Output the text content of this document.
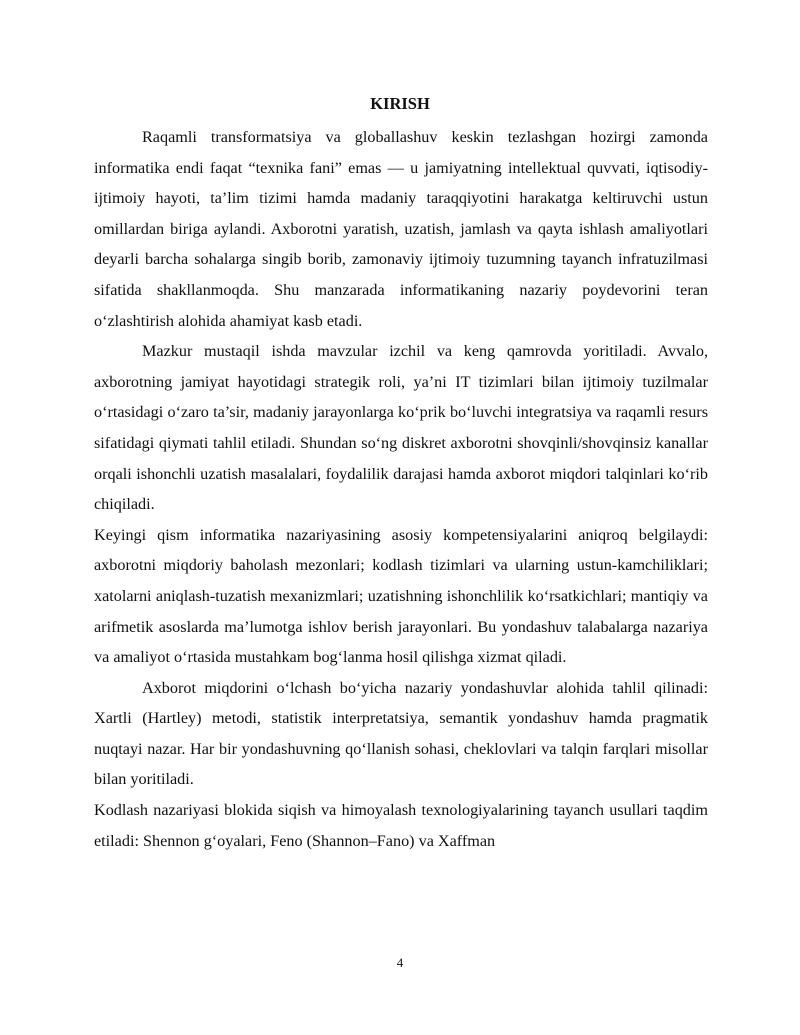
KIRISH

Raqamli transformatsiya va globallashuv keskin tezlashgan hozirgi zamonda informatika endi faqat “texnika fani” emas — u jamiyatning intellektual quvvati, iqtisodiy-ijtimoiy hayoti, ta’lim tizimi hamda madaniy taraqqiyotini harakatga keltiruvchi ustun omillardan biriga aylandi. Axborotni yaratish, uzatish, jamlash va qayta ishlash amaliyotlari deyarli barcha sohalarga singib borib, zamonaviy ijtimoiy tuzumning tayanch infratuzilmasi sifatida shakllanmoqda. Shu manzarada informatikaning nazariy poydevorini teran o‘zlashtirish alohida ahamiyat kasb etadi.

Mazkur mustaqil ishda mavzular izchil va keng qamrovda yoritiladi. Avvalo, axborotning jamiyat hayotidagi strategik roli, ya’ni IT tizimlari bilan ijtimoiy tuzilmalar o‘rtasidagi o‘zaro ta’sir, madaniy jarayonlarga ko‘prik bo‘luvchi integratsiya va raqamli resurs sifatidagi qiymati tahlil etiladi. Shundan so‘ng diskret axborotni shovqinli/shovqinsiz kanallar orqali ishonchli uzatish masalalari, foydalilik darajasi hamda axborot miqdori talqinlari ko‘rib chiqiladi.

Keyingi qism informatika nazariyasining asosiy kompetensiyalarini aniqroq belgilaydi: axborotni miqdoriy baholash mezonlari; kodlash tizimlari va ularning ustun-kamchiliklari; xatolarni aniqlash-tuzatish mexanizmlari; uzatishning ishonchlilik ko‘rsatkichlari; mantiqiy va arifmetik asoslarda ma’lumotga ishlov berish jarayonlari. Bu yondashuv talabalarga nazariya va amaliyot o‘rtasida mustahkam bog‘lanma hosil qilishga xizmat qiladi.

Axborot miqdorini o‘lchash bo‘yicha nazariy yondashuvlar alohida tahlil qilinadi: Xartli (Hartley) metodi, statistik interpretatsiya, semantik yondashuv hamda pragmatik nuqtayi nazar. Har bir yondashuvning qo‘llanish sohasi, cheklovlari va talqin farqlari misollar bilan yoritiladi.

Kodlash nazariyasi blokida siqish va himoyalash texnologiyalarining tayanch usullari taqdim etiladi: Shennon g‘oyalari, Feno (Shannon–Fano) va Xaffman

4
